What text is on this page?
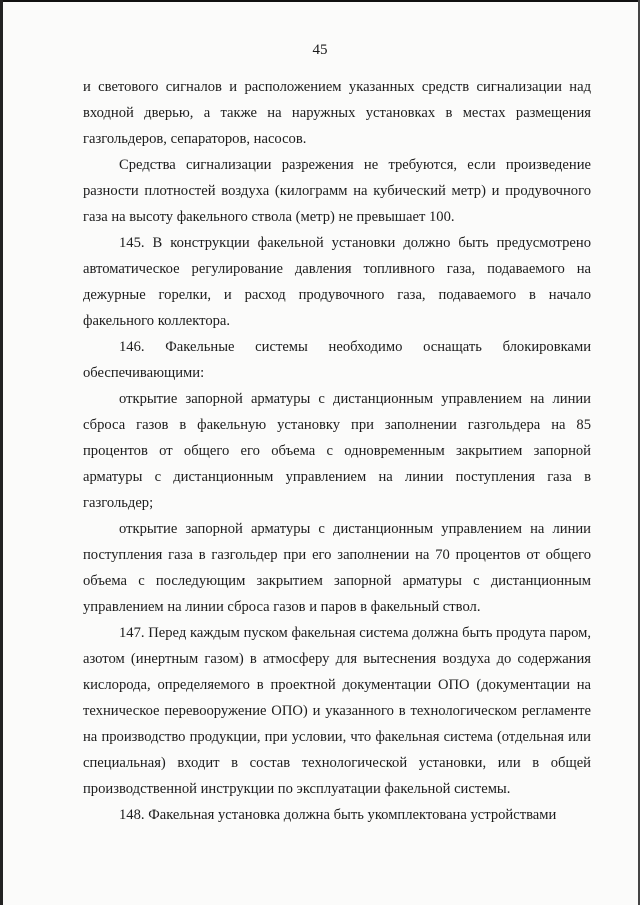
45

и светового сигналов и расположением указанных средств сигнализации над входной дверью, а также на наружных установках в местах размещения газгольдеров, сепараторов, насосов.

Средства сигнализации разрежения не требуются, если произведение разности плотностей воздуха (килограмм на кубический метр) и продувочного газа на высоту факельного ствола (метр) не превышает 100.

145. В конструкции факельной установки должно быть предусмотрено автоматическое регулирование давления топливного газа, подаваемого на дежурные горелки, и расход продувочного газа, подаваемого в начало факельного коллектора.

146. Факельные системы необходимо оснащать блокировками обеспечивающими:

открытие запорной арматуры с дистанционным управлением на линии сброса газов в факельную установку при заполнении газгольдера на 85 процентов от общего его объема с одновременным закрытием запорной арматуры с дистанционным управлением на линии поступления газа в газгольдер;

открытие запорной арматуры с дистанционным управлением на линии поступления газа в газгольдер при его заполнении на 70 процентов от общего объема с последующим закрытием запорной арматуры с дистанционным управлением на линии сброса газов и паров в факельный ствол.

147. Перед каждым пуском факельная система должна быть продута паром, азотом (инертным газом) в атмосферу для вытеснения воздуха до содержания кислорода, определяемого в проектной документации ОПО (документации на техническое перевооружение ОПО) и указанного в технологическом регламенте на производство продукции, при условии, что факельная система (отдельная или специальная) входит в состав технологической установки, или в общей производственной инструкции по эксплуатации факельной системы.

148. Факельная установка должна быть укомплектована устройствами
